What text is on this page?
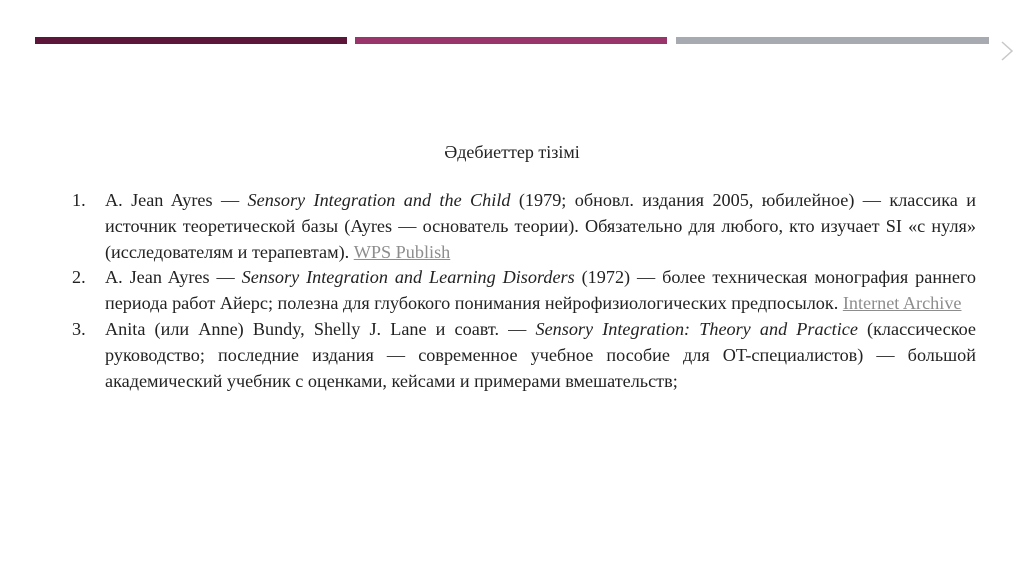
Әдебиеттер тізімі
1. A. Jean Ayres — Sensory Integration and the Child (1979; обновл. издания 2005, юбилейное) — классика и источник теоретической базы (Ayres — основатель теории). Обязательно для любого, кто изучает SI «с нуля» (исследователям и терапевтам). WPS Publish
2. A. Jean Ayres — Sensory Integration and Learning Disorders (1972) — более техническая монография раннего периода работ Айерс; полезна для глубокого понимания нейрофизиологических предпосылок. Internet Archive
3. Anita (или Anne) Bundy, Shelly J. Lane и соавт. — Sensory Integration: Theory and Practice (классическое руководство; последние издания — современное учебное пособие для OT-специалистов) — большой академический учебник с оценками, кейсами и примерами вмешательств;
